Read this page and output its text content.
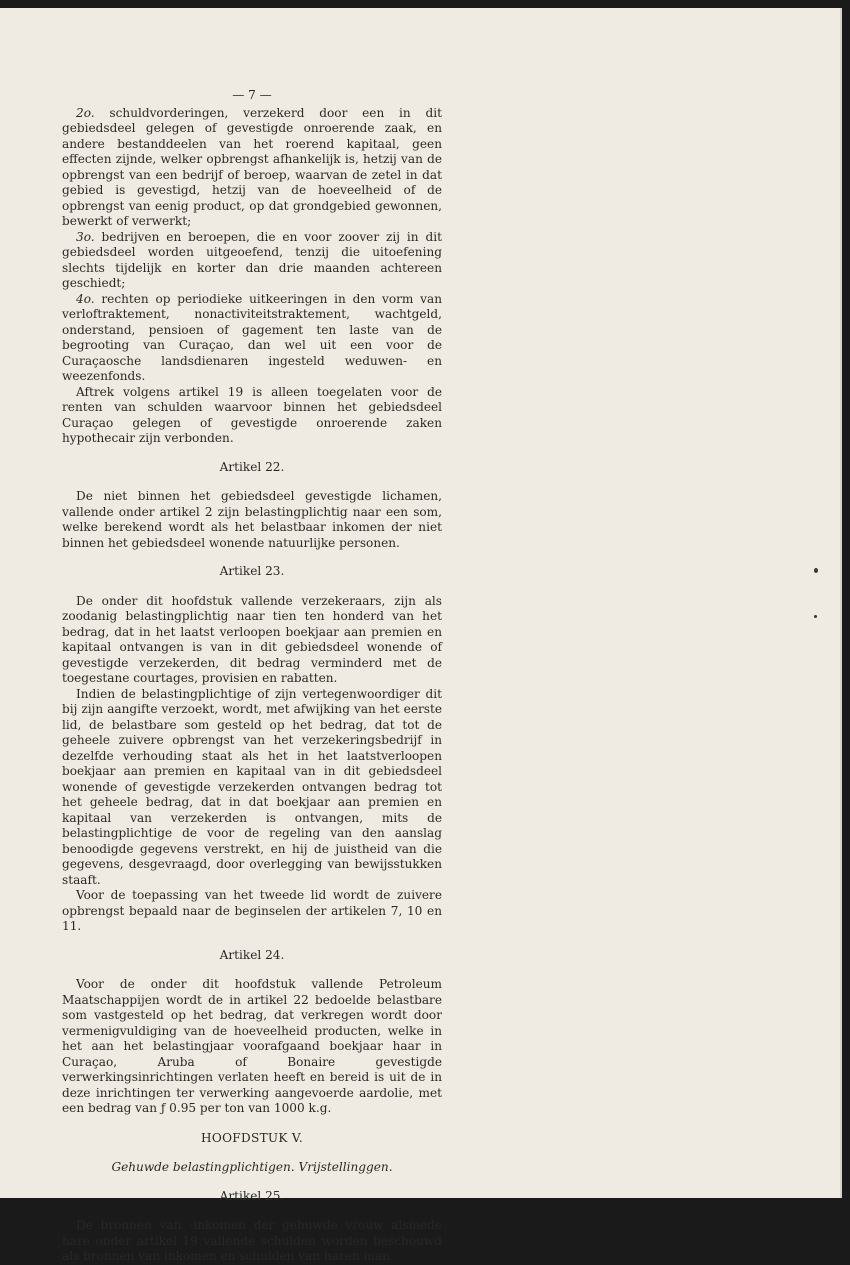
— 7 —

2o. schuldvorderingen, verzekerd door een in dit gebiedsdeel gelegen of gevestigde onroerende zaak, en andere bestanddeelen van het roerend kapitaal, geen effecten zijnde, welker opbrengst afhankelijk is, hetzij van de opbrengst van een bedrijf of beroep, waarvan de zetel in dat gebied is gevestigd, hetzij van de hoeveelheid of de opbrengst van eenig product, op dat grondgebied gewonnen, bewerkt of verwerkt;

3o. bedrijven en beroepen, die en voor zoover zij in dit gebiedsdeel worden uitgeoefend, tenzij die uitoefening slechts tijdelijk en korter dan drie maanden achtereen geschiedt;

4o. rechten op periodieke uitkeeringen in den vorm van verloftraktement, nonactiviteitstraktement, wachtgeld, onderstand, pensioen of gagement ten laste van de begrooting van Curaçao, dan wel uit een voor de Curaçaosche landsdienaren ingesteld weduwen- en weezenfonds.

Aftrek volgens artikel 19 is alleen toegelaten voor de renten van schulden waarvoor binnen het gebiedsdeel Curaçao gelegen of gevestigde onroerende zaken hypothecair zijn verbonden.

Artikel 22.

De niet binnen het gebiedsdeel gevestigde lichamen, vallende onder artikel 2 zijn belastingplichtig naar een som, welke berekend wordt als het belastbaar inkomen der niet binnen het gebiedsdeel wonende natuurlijke personen.

Artikel 23.

De onder dit hoofdstuk vallende verzekeraars, zijn als zoodanig belastingplichtig naar tien ten honderd van het bedrag, dat in het laatst verloopen boekjaar aan premien en kapitaal ontvangen is van in dit gebiedsdeel wonende of gevestigde verzekerden, dit bedrag verminderd met de toegestane courtages, provisien en rabatten.

Indien de belastingplichtige of zijn vertegenwoordiger dit bij zijn aangifte verzoekt, wordt, met afwijking van het eerste lid, de belastbare som gesteld op het bedrag, dat tot de geheele zuivere opbrengst van het verzekeringsbedrijf in dezelfde verhouding staat als het in het laatstverloopen boekjaar aan premien en kapitaal van in dit gebiedsdeel wonende of gevestigde verzekerden ontvangen bedrag tot het geheele bedrag, dat in dat boekjaar aan premien en kapitaal van verzekerden is ontvangen, mits de belastingplichtige de voor de regeling van den aanslag benoodigde gegevens verstrekt, en hij de juistheid van die gegevens, desgevraagd, door overlegging van bewijsstukken staaft.

Voor de toepassing van het tweede lid wordt de zuivere opbrengst bepaald naar de beginselen der artikelen 7, 10 en 11.

Artikel 24.

Voor de onder dit hoofdstuk vallende Petroleum Maatschappijen wordt de in artikel 22 bedoelde belastbare som vastgesteld op het bedrag, dat verkregen wordt door vermenigvuldiging van de hoeveelheid producten, welke in het aan het belastingjaar voorafgaand boekjaar haar in Curaçao, Aruba of Bonaire gevestigde verwerkingsinrichtingen verlaten heeft en bereid is uit de in deze inrichtingen ter verwerking aangevoerde aardolie, met een bedrag van ƒ 0.95 per ton van 1000 k.g.

HOOFDSTUK V.

Gehuwde belastingplichtigen. Vrijstellinggen.

Artikel 25.

De bronnen van -inkomen der gehuwde vrouw alsmede hare onder artikel 19 vallende schulden worden beschouwd als bronnen van inkomen en schulden van haren man.
